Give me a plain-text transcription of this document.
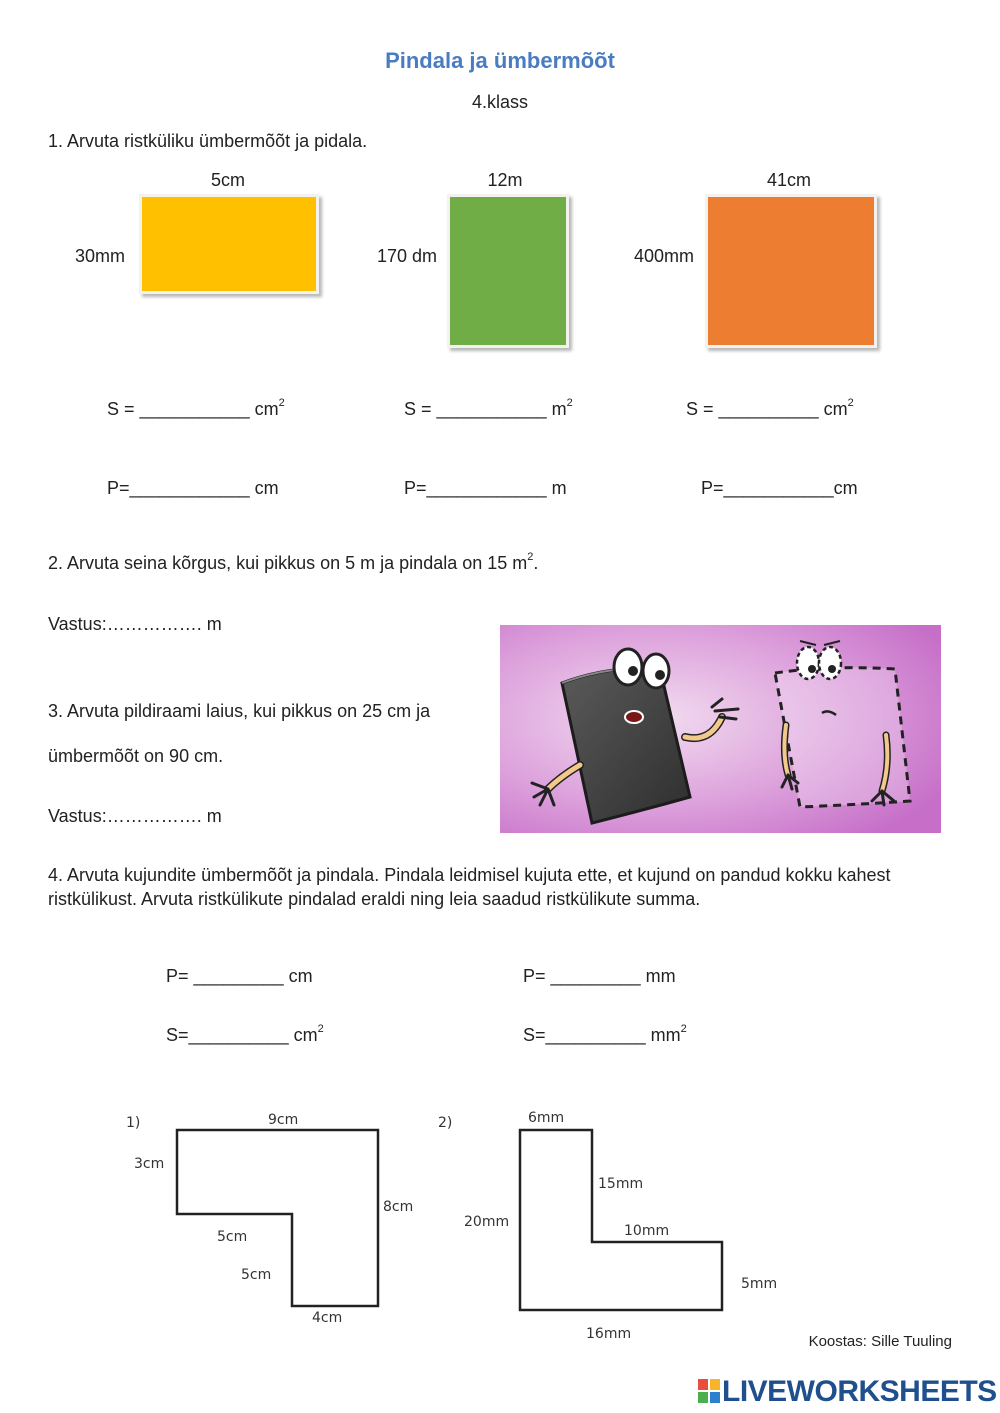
Pindala ja ümbermõõt
4.klass
1. Arvuta ristküliku ümbermõõt ja pidala.
5cm
30mm
12m
170 dm
41cm
400mm
S = ___________ $cm^2$	S = ___________ $m^2$	S = __________ $cm^2$
P=____________ cm	P=____________ m	P=___________cm
2. Arvuta seina kõrgus, kui pikkus on 5 m ja pindala on 15 $m^2$.
Vastus:……………. m
3. Arvuta pildiraami laius, kui pikkus on 25 cm ja
ümbermõõt on 90 cm.
Vastus:……………. m
4. Arvuta kujundite ümbermõõt ja pindala. Pindala leidmisel kujuta ette, et kujund on pandud kokku kahest ristkülikust. Arvuta ristkülikute pindalad eraldi ning leia saadud ristkülikute summa.
P= _________ cm
S=__________ $cm^2$
P= _________ mm
S=__________ $mm^2$
1)	9cm
3cm
8cm
5cm
5cm
4cm
2)	6mm
15mm
20mm
10mm
5mm
16mm	Koostas: Sille Tuuling
LIVEWORKSHEETS
